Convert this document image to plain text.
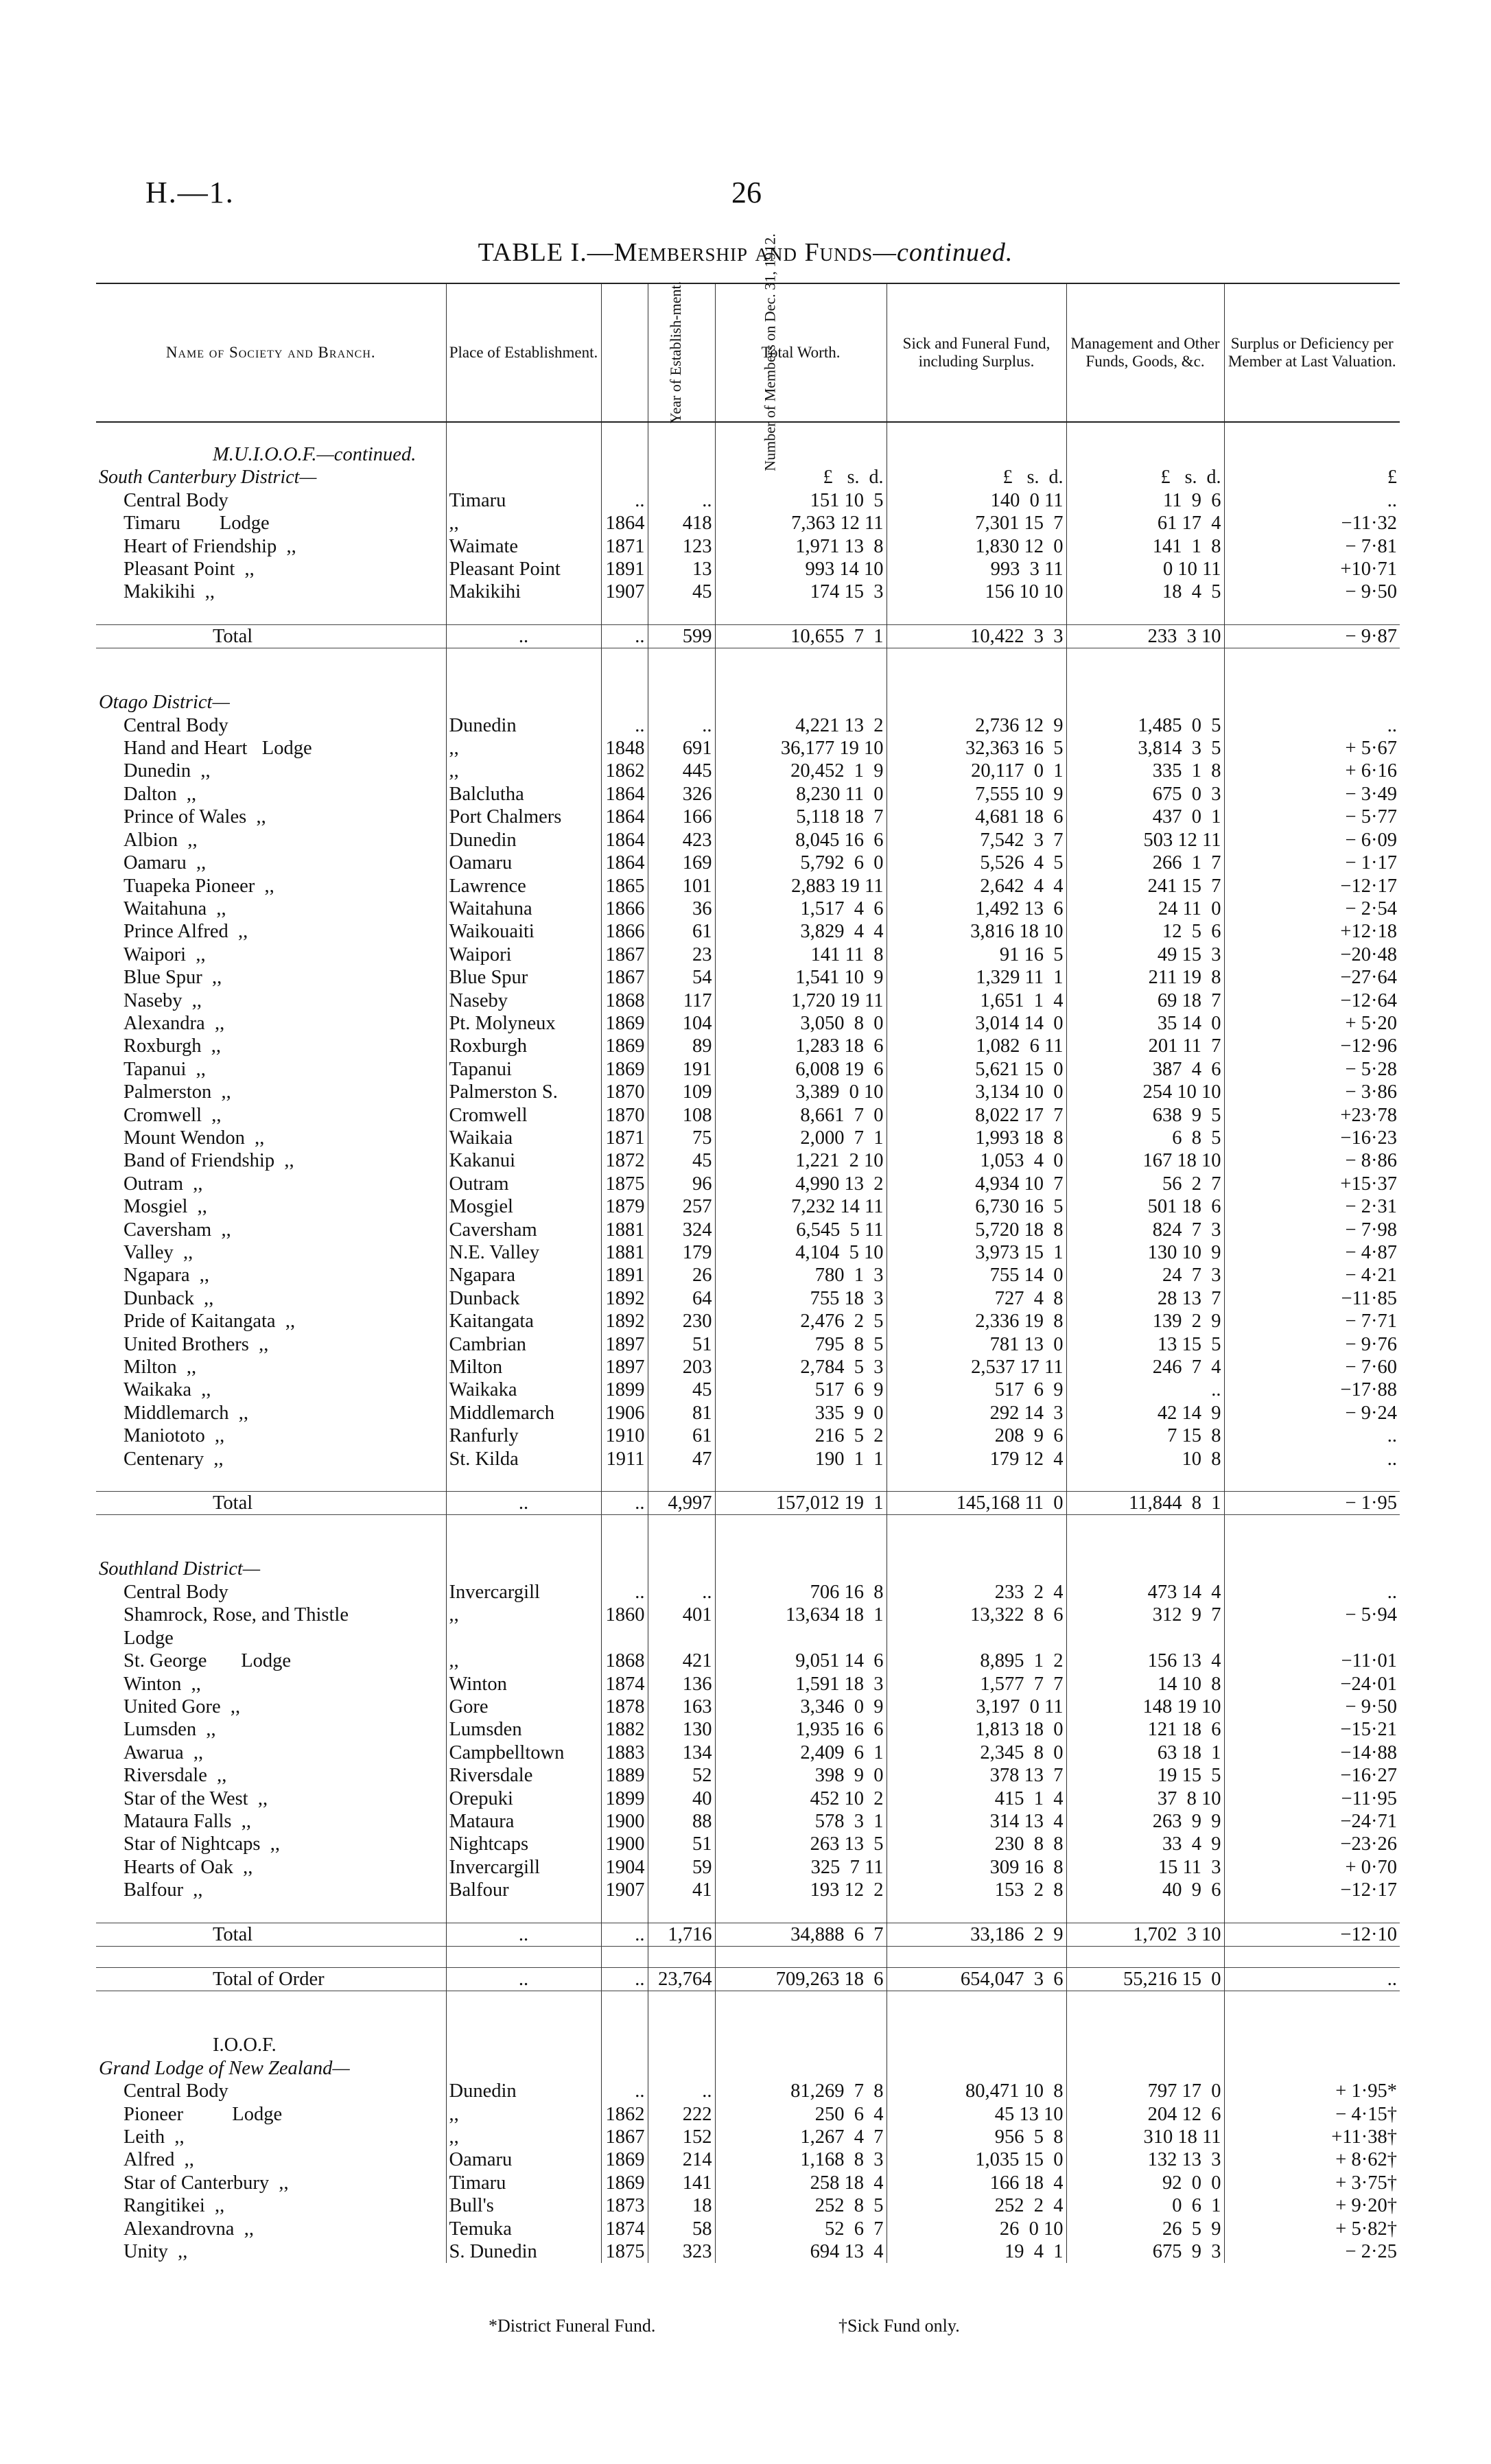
H.—1.	26
TABLE I.—Membership and Funds—continued.
Name of Society and Branch.	Place of Establishment.	Year of Establish-ment.	Number of Members on Dec. 31, 1912.	Total Worth.	Sick and Funeral Fund, including Surplus.	Management and Other Funds, Goods, &c.	Surplus or Deficiency per Member at Last Valuation.

M.U.I.O.O.F.—continued.							
South Canterbury District—				£   s.  d.	£   s.  d.	£   s.  d.	£
Central Body	Timaru	..	..	151 10  5	140  0 11	11  9  6	..
Timaru        Lodge	,,	1864	418	7,363 12 11	7,301 15  7	61 17  4	−11·32
Heart of Friendship  ,,	Waimate	1871	123	1,971 13  8	1,830 12  0	141  1  8	− 7·81
Pleasant Point  ,,	Pleasant Point	1891	13	993 14 10	993  3 11	0 10 11	+10·71
Makikihi  ,,	Makikihi	1907	45	174 15  3	156 10 10	18  4  5	− 9·50

Total	..	..	599	10,655  7  1	10,422  3  3	233  3 10	− 9·87

Otago District—							
Central Body	Dunedin	..	..	4,221 13  2	2,736 12  9	1,485  0  5	..
Hand and Heart   Lodge	,,	1848	691	36,177 19 10	32,363 16  5	3,814  3  5	+ 5·67
Dunedin  ,,	,,	1862	445	20,452  1  9	20,117  0  1	335  1  8	+ 6·16
Dalton  ,,	Balclutha	1864	326	8,230 11  0	7,555 10  9	675  0  3	− 3·49
Prince of Wales  ,,	Port Chalmers	1864	166	5,118 18  7	4,681 18  6	437  0  1	− 5·77
Albion  ,,	Dunedin	1864	423	8,045 16  6	7,542  3  7	503 12 11	− 6·09
Oamaru  ,,	Oamaru	1864	169	5,792  6  0	5,526  4  5	266  1  7	− 1·17
Tuapeka Pioneer  ,,	Lawrence	1865	101	2,883 19 11	2,642  4  4	241 15  7	−12·17
Waitahuna  ,,	Waitahuna	1866	36	1,517  4  6	1,492 13  6	24 11  0	− 2·54
Prince Alfred  ,,	Waikouaiti	1866	61	3,829  4  4	3,816 18 10	12  5  6	+12·18
Waipori  ,,	Waipori	1867	23	141 11  8	91 16  5	49 15  3	−20·48
Blue Spur  ,,	Blue Spur	1867	54	1,541 10  9	1,329 11  1	211 19  8	−27·64
Naseby  ,,	Naseby	1868	117	1,720 19 11	1,651  1  4	69 18  7	−12·64
Alexandra  ,,	Pt. Molyneux	1869	104	3,050  8  0	3,014 14  0	35 14  0	+ 5·20
Roxburgh  ,,	Roxburgh	1869	89	1,283 18  6	1,082  6 11	201 11  7	−12·96
Tapanui  ,,	Tapanui	1869	191	6,008 19  6	5,621 15  0	387  4  6	− 5·28
Palmerston  ,,	Palmerston S.	1870	109	3,389  0 10	3,134 10  0	254 10 10	− 3·86
Cromwell  ,,	Cromwell	1870	108	8,661  7  0	8,022 17  7	638  9  5	+23·78
Mount Wendon  ,,	Waikaia	1871	75	2,000  7  1	1,993 18  8	6  8  5	−16·23
Band of Friendship  ,,	Kakanui	1872	45	1,221  2 10	1,053  4  0	167 18 10	− 8·86
Outram  ,,	Outram	1875	96	4,990 13  2	4,934 10  7	56  2  7	+15·37
Mosgiel  ,,	Mosgiel	1879	257	7,232 14 11	6,730 16  5	501 18  6	− 2·31
Caversham  ,,	Caversham	1881	324	6,545  5 11	5,720 18  8	824  7  3	− 7·98
Valley  ,,	N.E. Valley	1881	179	4,104  5 10	3,973 15  1	130 10  9	− 4·87
Ngapara  ,,	Ngapara	1891	26	780  1  3	755 14  0	24  7  3	− 4·21
Dunback  ,,	Dunback	1892	64	755 18  3	727  4  8	28 13  7	−11·85
Pride of Kaitangata  ,,	Kaitangata	1892	230	2,476  2  5	2,336 19  8	139  2  9	− 7·71
United Brothers  ,,	Cambrian	1897	51	795  8  5	781 13  0	13 15  5	− 9·76
Milton  ,,	Milton	1897	203	2,784  5  3	2,537 17 11	246  7  4	− 7·60
Waikaka  ,,	Waikaka	1899	45	517  6  9	517  6  9	..	−17·88
Middlemarch  ,,	Middlemarch	1906	81	335  9  0	292 14  3	42 14  9	− 9·24
Maniototo  ,,	Ranfurly	1910	61	216  5  2	208  9  6	7 15  8	..
Centenary  ,,	St. Kilda	1911	47	190  1  1	179 12  4	10  8	..

Total	..	..	4,997	157,012 19  1	145,168 11  0	11,844  8  1	− 1·95

Southland District—							
Central Body	Invercargill	..	..	706 16  8	233  2  4	473 14  4	..
Shamrock, Rose, and Thistle	,,	1860	401	13,634 18  1	13,322  8  6	312  9  7	− 5·94
Lodge							
St. George       Lodge	,,	1868	421	9,051 14  6	8,895  1  2	156 13  4	−11·01
Winton  ,,	Winton	1874	136	1,591 18  3	1,577  7  7	14 10  8	−24·01
United Gore  ,,	Gore	1878	163	3,346  0  9	3,197  0 11	148 19 10	− 9·50
Lumsden  ,,	Lumsden	1882	130	1,935 16  6	1,813 18  0	121 18  6	−15·21
Awarua  ,,	Campbelltown	1883	134	2,409  6  1	2,345  8  0	63 18  1	−14·88
Riversdale  ,,	Riversdale	1889	52	398  9  0	378 13  7	19 15  5	−16·27
Star of the West  ,,	Orepuki	1899	40	452 10  2	415  1  4	37  8 10	−11·95
Mataura Falls  ,,	Mataura	1900	88	578  3  1	314 13  4	263  9  9	−24·71
Star of Nightcaps  ,,	Nightcaps	1900	51	263 13  5	230  8  8	33  4  9	−23·26
Hearts of Oak  ,,	Invercargill	1904	59	325  7 11	309 16  8	15 11  3	+ 0·70
Balfour  ,,	Balfour	1907	41	193 12  2	153  2  8	40  9  6	−12·17

Total	..	..	1,716	34,888  6  7	33,186  2  9	1,702  3 10	−12·10

Total of Order	..	..	23,764	709,263 18  6	654,047  3  6	55,216 15  0	..

I.O.O.F.							
Grand Lodge of New Zealand—							
Central Body	Dunedin	..	..	81,269  7  8	80,471 10  8	797 17  0	+ 1·95*
Pioneer          Lodge	,,	1862	222	250  6  4	45 13 10	204 12  6	− 4·15†
Leith  ,,	,,	1867	152	1,267  4  7	956  5  8	310 18 11	+11·38†
Alfred  ,,	Oamaru	1869	214	1,168  8  3	1,035 15  0	132 13  3	+ 8·62†
Star of Canterbury  ,,	Timaru	1869	141	258 18  4	166 18  4	92  0  0	+ 3·75†
Rangitikei  ,,	Bull's	1873	18	252  8  5	252  2  4	0  6  1	+ 9·20†
Alexandrovna  ,,	Temuka	1874	58	52  6  7	26  0 10	26  5  9	+ 5·82†
Unity  ,,	S. Dunedin	1875	323	694 13  4	19  4  1	675  9  3	− 2·25
*District Funeral Fund.	†Sick Fund only.
